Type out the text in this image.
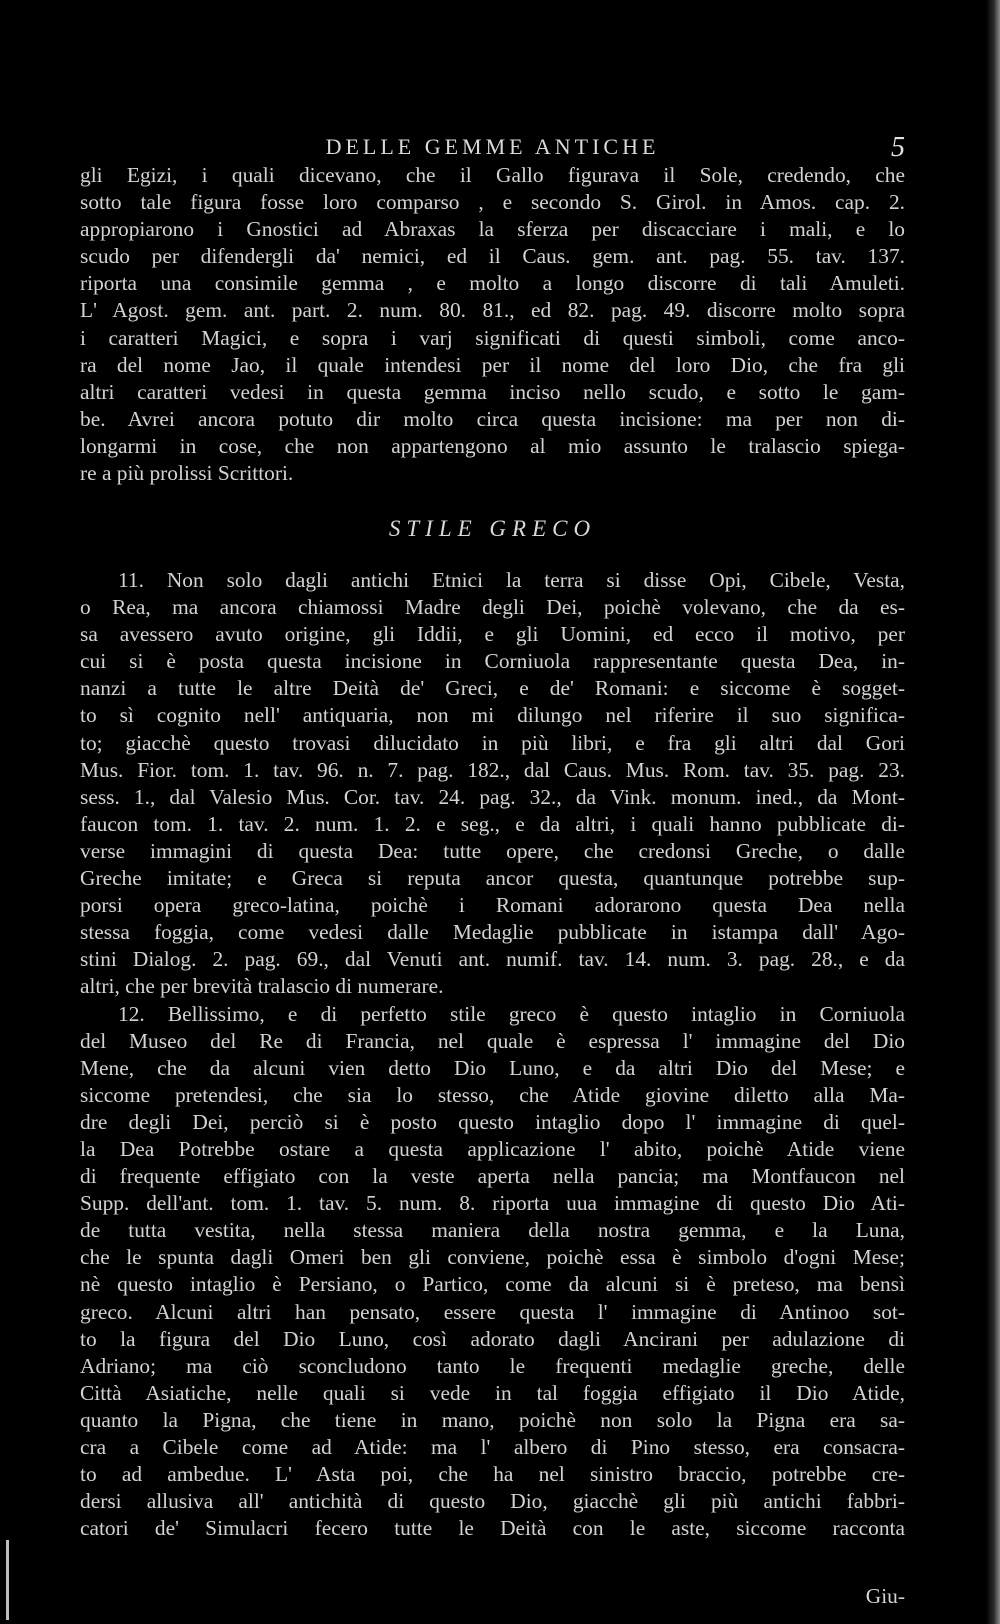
DELLE GEMME ANTICHE	5
gli Egizi, i quali dicevano, che il Gallo figurava il Sole, credendo, che
sotto tale figura fosse loro comparso , e secondo S. Girol. in Amos. cap. 2.
appropiarono i Gnostici ad Abraxas la sferza per discacciare i mali, e lo
scudo per difendergli da' nemici, ed il Caus. gem. ant. pag. 55. tav. 137.
riporta una consimile gemma , e molto a longo discorre di tali Amuleti.
L' Agost. gem. ant. part. 2. num. 80. 81., ed 82. pag. 49. discorre molto sopra
i caratteri Magici, e sopra i varj significati di questi simboli, come anco-
ra del nome Jao, il quale intendesi per il nome del loro Dio, che fra gli
altri caratteri vedesi in questa gemma inciso nello scudo, e sotto le gam-
be. Avrei ancora potuto dir molto circa questa incisione: ma per non di-
longarmi in cose, che non appartengono al mio assunto le tralascio spiega-
re a più prolissi Scrittori.
STILE GRECO
11. Non solo dagli antichi Etnici la terra si disse Opi, Cibele, Vesta,
o Rea, ma ancora chiamossi Madre degli Dei, poichè volevano, che da es-
sa avessero avuto origine, gli Iddii, e gli Uomini, ed ecco il motivo, per
cui si è posta questa incisione in Corniuola rappresentante questa Dea, in-
nanzi a tutte le altre Deità de' Greci, e de' Romani: e siccome è sogget-
to sì cognito nell' antiquaria, non mi dilungo nel riferire il suo significa-
to; giacchè questo trovasi dilucidato in più libri, e fra gli altri dal Gori
Mus. Fior. tom. 1. tav. 96. n. 7. pag. 182., dal Caus. Mus. Rom. tav. 35. pag. 23.
sess. 1., dal Valesio Mus. Cor. tav. 24. pag. 32., da Vink. monum. ined., da Mont-
faucon tom. 1. tav. 2. num. 1. 2. e seg., e da altri, i quali hanno pubblicate di-
verse immagini di questa Dea: tutte opere, che credonsi Greche, o dalle
Greche imitate; e Greca si reputa ancor questa, quantunque potrebbe sup-
porsi opera greco-latina, poichè i Romani adorarono questa Dea nella
stessa foggia, come vedesi dalle Medaglie pubblicate in istampa dall' Ago-
stini Dialog. 2. pag. 69., dal Venuti ant. numif. tav. 14. num. 3. pag. 28., e da
altri, che per brevità tralascio di numerare.
12. Bellissimo, e di perfetto stile greco è questo intaglio in Corniuola
del Museo del Re di Francia, nel quale è espressa l' immagine del Dio
Mene, che da alcuni vien detto Dio Luno, e da altri Dio del Mese; e
siccome pretendesi, che sia lo stesso, che Atide giovine diletto alla Ma-
dre degli Dei, perciò si è posto questo intaglio dopo l' immagine di quel-
la Dea Potrebbe ostare a questa applicazione l' abito, poichè Atide viene
di frequente effigiato con la veste aperta nella pancia; ma Montfaucon nel
Supp. dell'ant. tom. 1. tav. 5. num. 8. riporta uua immagine di questo Dio Ati-
de tutta vestita, nella stessa maniera della nostra gemma, e la Luna,
che le spunta dagli Omeri ben gli conviene, poichè essa è simbolo d'ogni Mese;
nè questo intaglio è Persiano, o Partico, come da alcuni si è preteso, ma bensì
greco. Alcuni altri han pensato, essere questa l' immagine di Antinoo sot-
to la figura del Dio Luno, così adorato dagli Ancirani per adulazione di
Adriano; ma ciò sconcludono tanto le frequenti medaglie greche, delle
Città Asiatiche, nelle quali si vede in tal foggia effigiato il Dio Atide,
quanto la Pigna, che tiene in mano, poichè non solo la Pigna era sa-
cra a Cibele come ad Atide: ma l' albero di Pino stesso, era consacra-
to ad ambedue. L' Asta poi, che ha nel sinistro braccio, potrebbe cre-
dersi allusiva all' antichità di questo Dio, giacchè gli più antichi fabbri-
catori de' Simulacri fecero tutte le Deità con le aste, siccome racconta
Giu-
